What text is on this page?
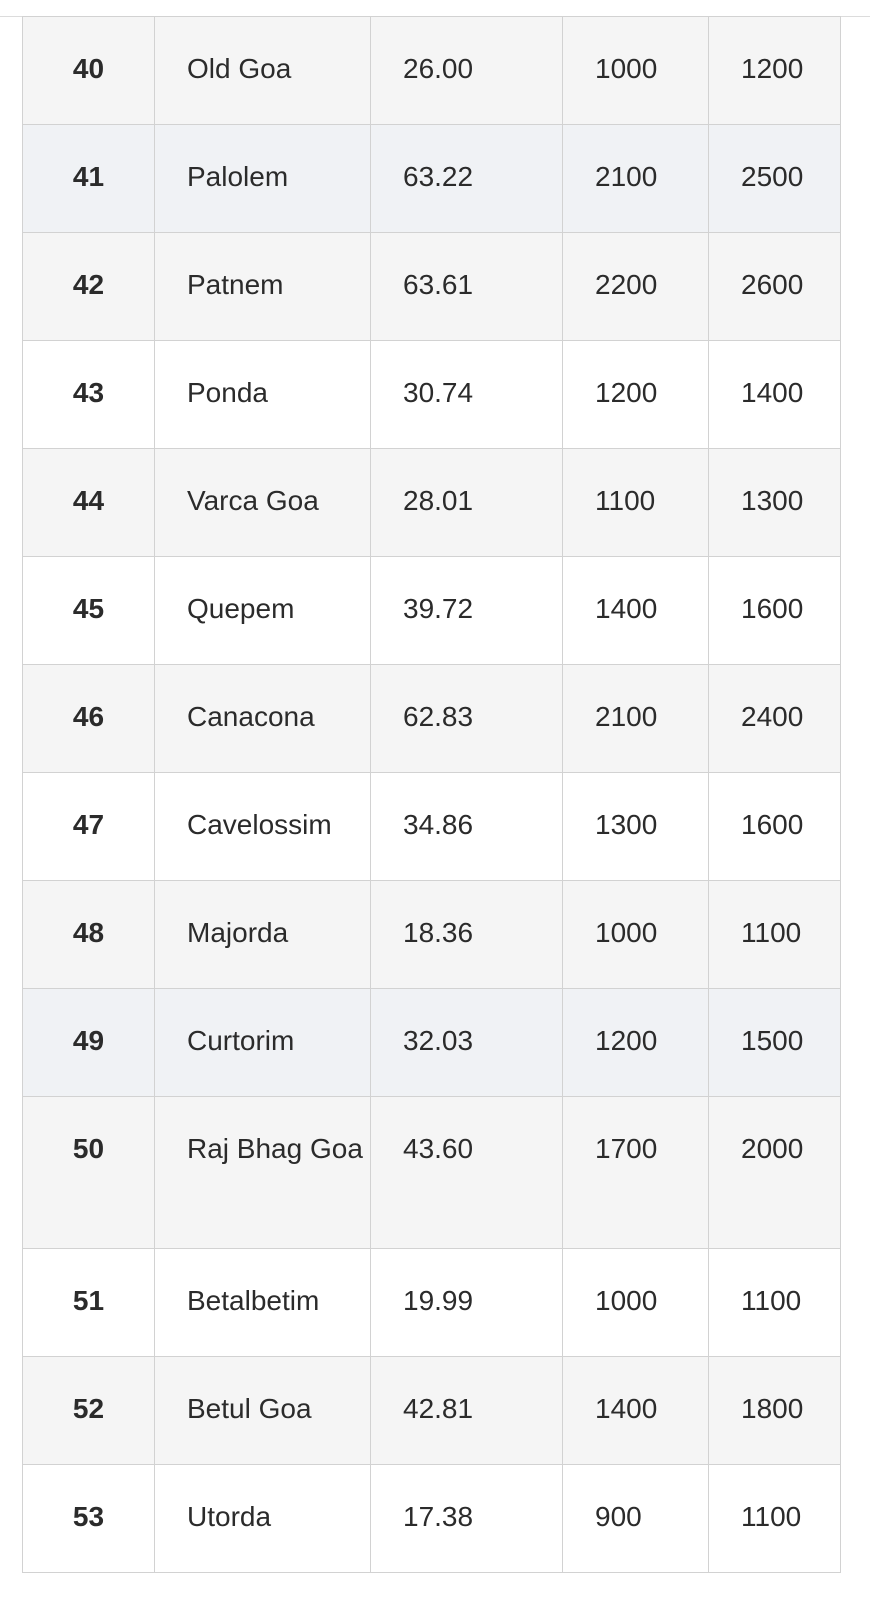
40	Old Goa	26.00	1000	1200
41	Palolem	63.22	2100	2500
42	Patnem	63.61	2200	2600
43	Ponda	30.74	1200	1400
44	Varca Goa	28.01	1100	1300
45	Quepem	39.72	1400	1600
46	Canacona	62.83	2100	2400
47	Cavelossim	34.86	1300	1600
48	Majorda	18.36	1000	1100
49	Curtorim	32.03	1200	1500
50	Raj Bhag Goa	43.60	1700	2000
51	Betalbetim	19.99	1000	1100
52	Betul Goa	42.81	1400	1800
53	Utorda	17.38	900	1100
